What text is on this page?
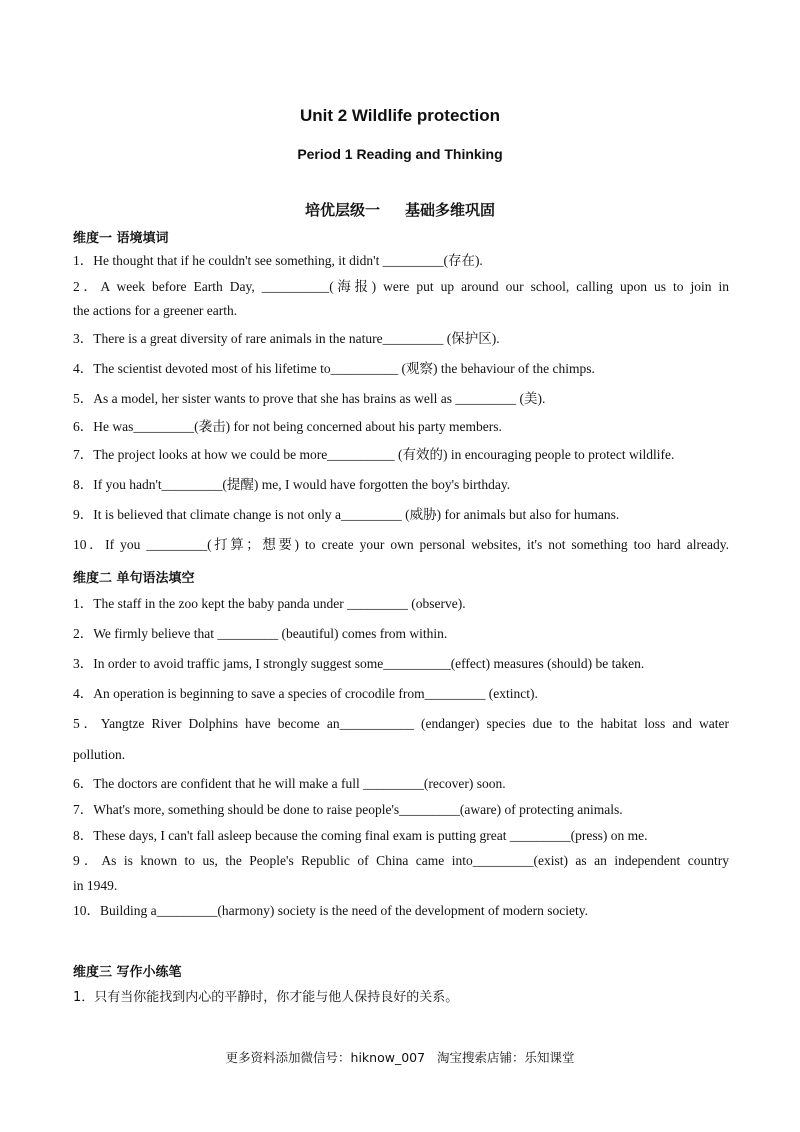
Unit 2 Wildlife protection
Period 1 Reading and Thinking
培优层级一      基础多维巩固
维度一 语境填词
1．He thought that if he couldn't see something, it didn't _________(存在).
2．A week before Earth Day, __________(海报) were put up around our school, calling upon us to join in
the actions for a greener earth.
3．There is a great diversity of rare animals in the nature_________ (保护区).
4．The scientist devoted most of his lifetime to__________ (观察) the behaviour of the chimps.
5．As a model, her sister wants to prove that she has brains as well as _________ (美).
6．He was_________(袭击) for not being concerned about his party members.
7．The project looks at how we could be more__________ (有效的) in encouraging people to protect wildlife.
8．If you hadn't_________(提醒) me, I would have forgotten the boy's birthday.
9．It is believed that climate change is not only a_________ (威胁) for animals but also for humans.
10．If you _________(打算；想要) to create your own personal websites, it's not something too hard already.
维度二 单句语法填空
1．The staff in the zoo kept the baby panda under _________ (observe).
2．We firmly believe that _________ (beautiful) comes from within.
3．In order to avoid traffic jams, I strongly suggest some__________(effect) measures (should) be taken.
4．An operation is beginning to save a species of crocodile from_________ (extinct).
5．Yangtze River Dolphins have become an___________ (endanger) species due to the habitat loss and water
pollution.
6．The doctors are confident that he will make a full _________(recover) soon.
7．What's more, something should be done to raise people's_________(aware) of protecting animals.
8．These days, I can't fall asleep because the coming final exam is putting great _________(press) on me.
9．As is known to us, the People's Republic of China came into_________(exist) as an independent country
in 1949.
10．Building a_________(harmony) society is the need of the development of modern society.
维度三 写作小练笔
1．只有当你能找到内心的平静时，你才能与他人保持良好的关系。
更多资料添加微信号：hiknow_007   淘宝搜索店铺：乐知课堂
